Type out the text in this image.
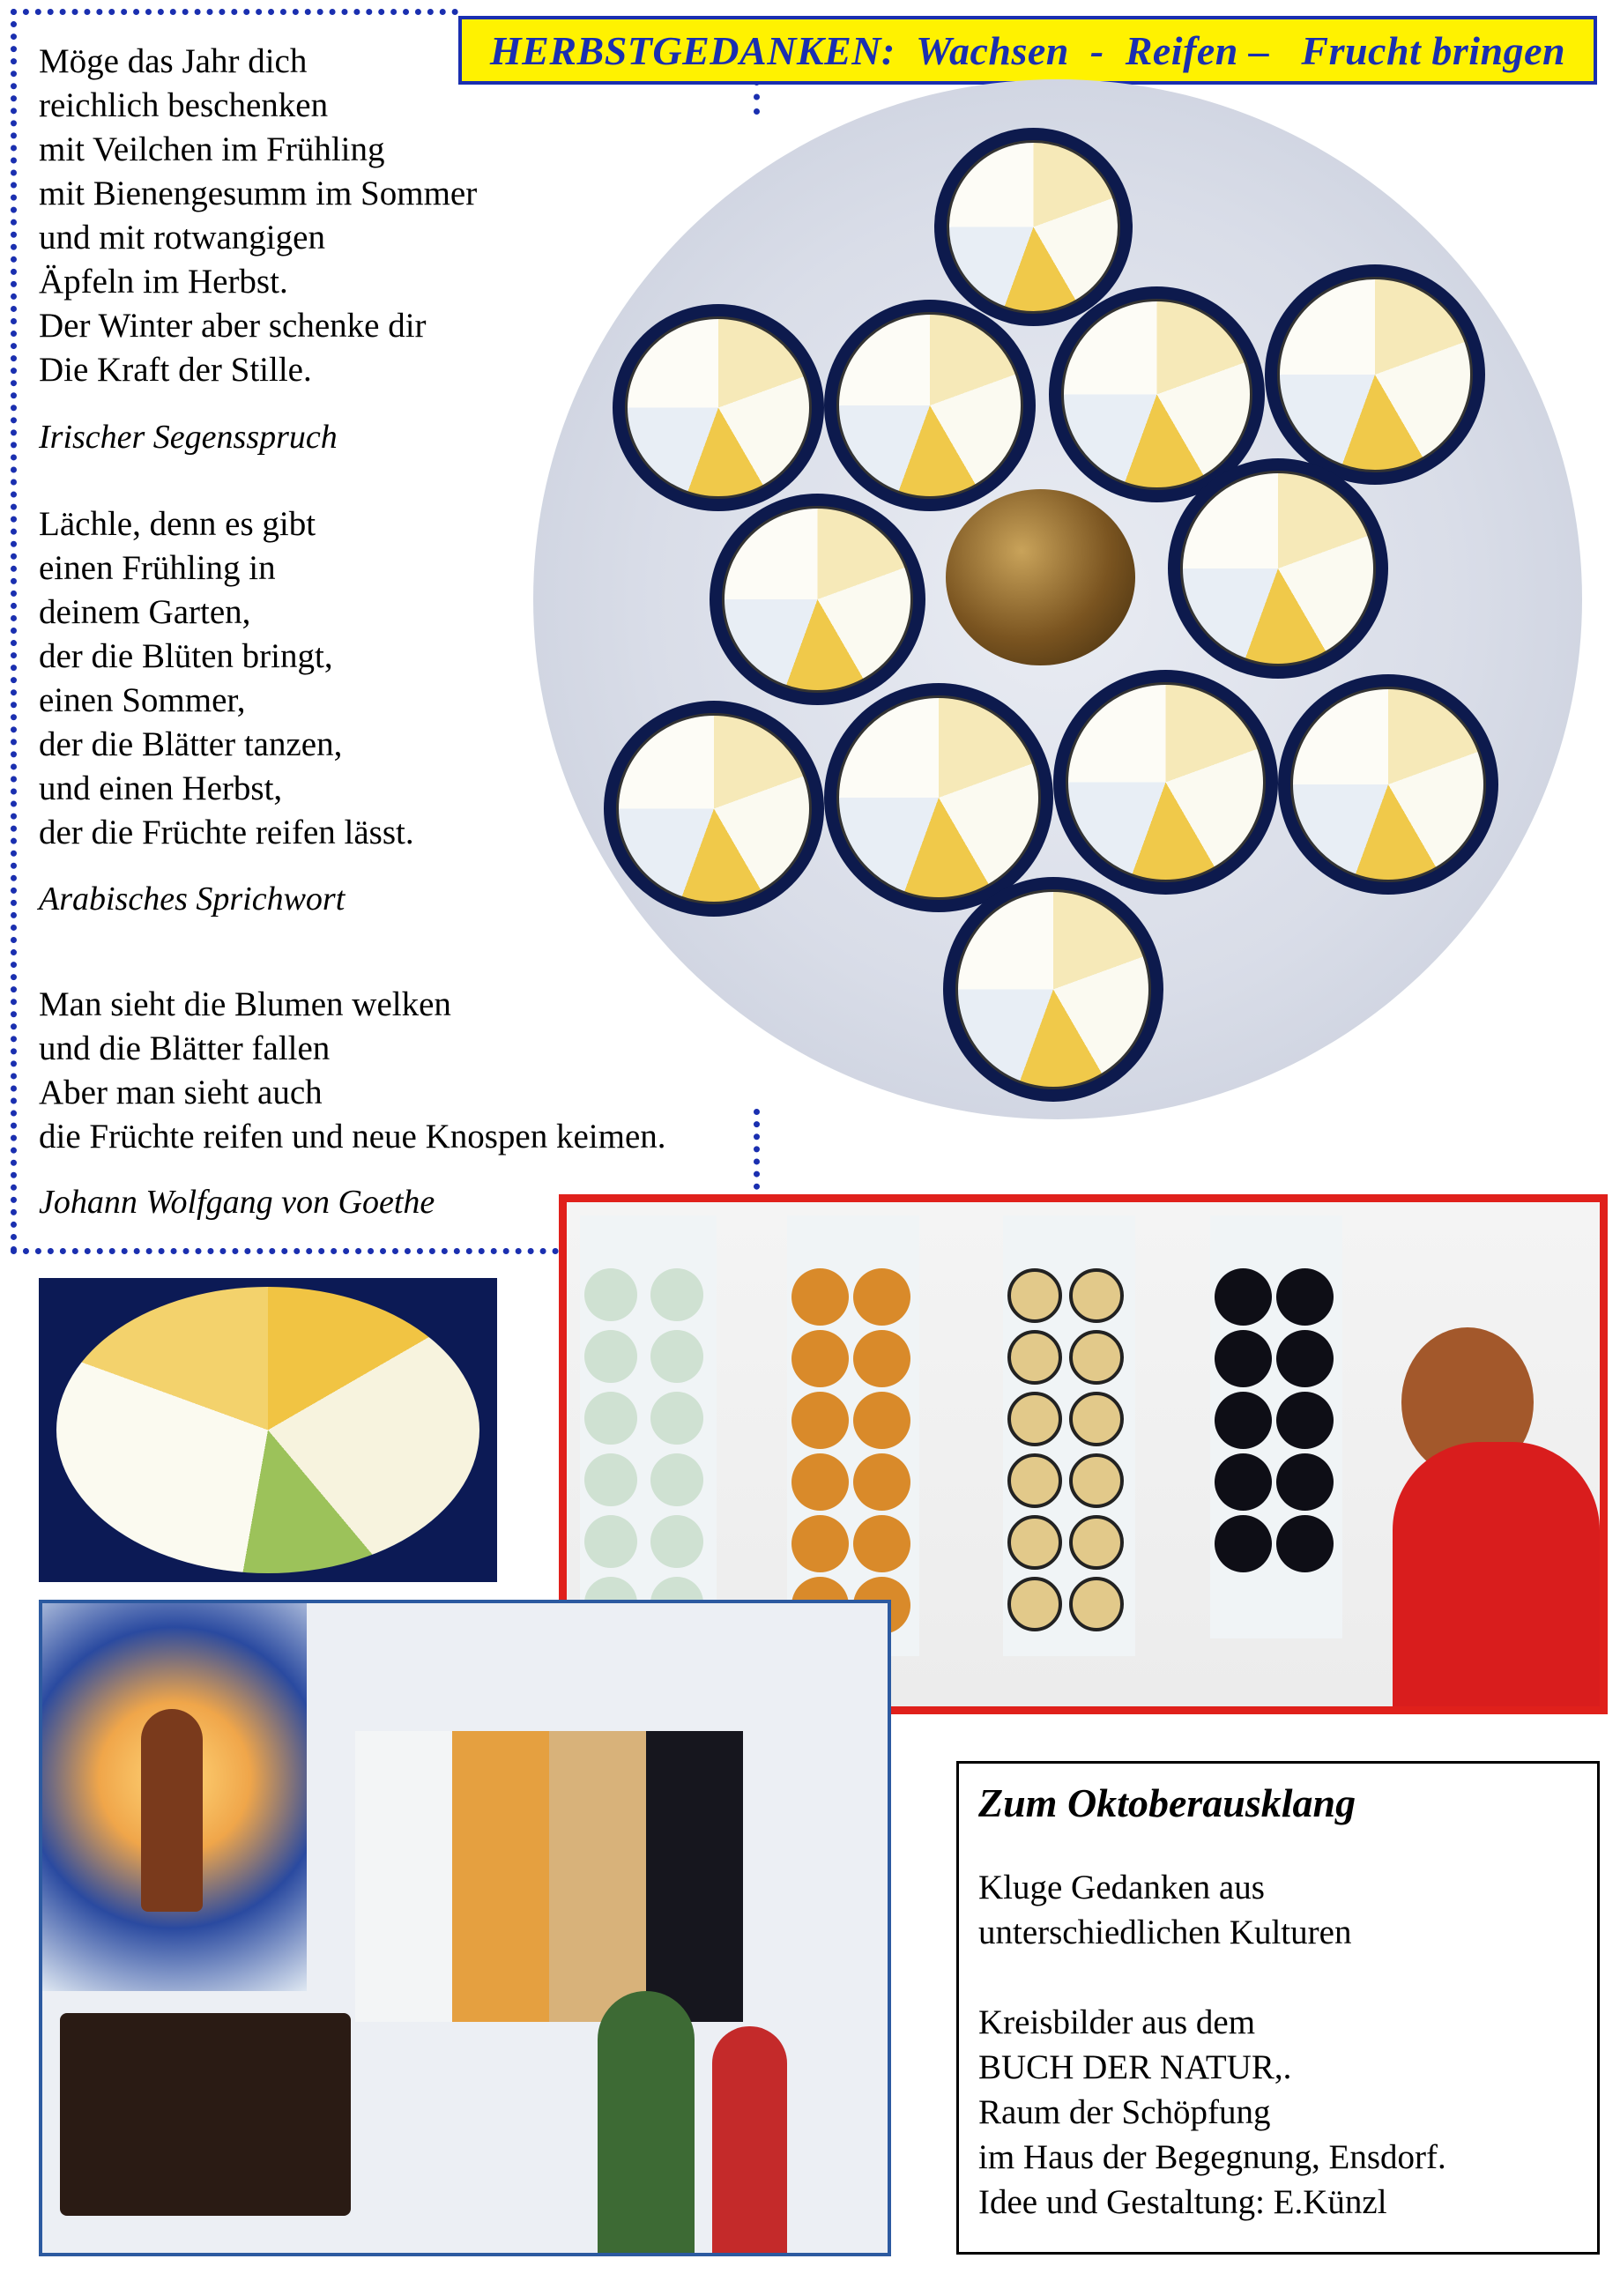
HERBSTGEDANKEN:  Wachsen  -  Reifen –   Frucht bringen
Möge das Jahr dich
reichlich beschenken
mit Veilchen im Frühling
mit Bienengesumm im Sommer
und mit rotwangigen
Äpfeln im Herbst.
Der Winter aber schenke dir
Die Kraft der Stille.
Irischer Segensspruch
Lächle, denn es gibt
einen Frühling in
deinem Garten,
der die Blüten bringt,
einen Sommer,
der die Blätter tanzen,
und einen Herbst,
der die Früchte reifen lässt.
Arabisches Sprichwort
Man sieht die Blumen welken
und die Blätter fallen
Aber man sieht auch
die Früchte reifen und neue Knospen keimen.
Johann Wolfgang von Goethe
Zum Oktoberausklang
Kluge Gedanken aus
unterschiedlichen Kulturen

Kreisbilder aus dem
BUCH DER NATUR,.
Raum der Schöpfung
im Haus der Begegnung, Ensdorf.
Idee und Gestaltung: E.Künzl
